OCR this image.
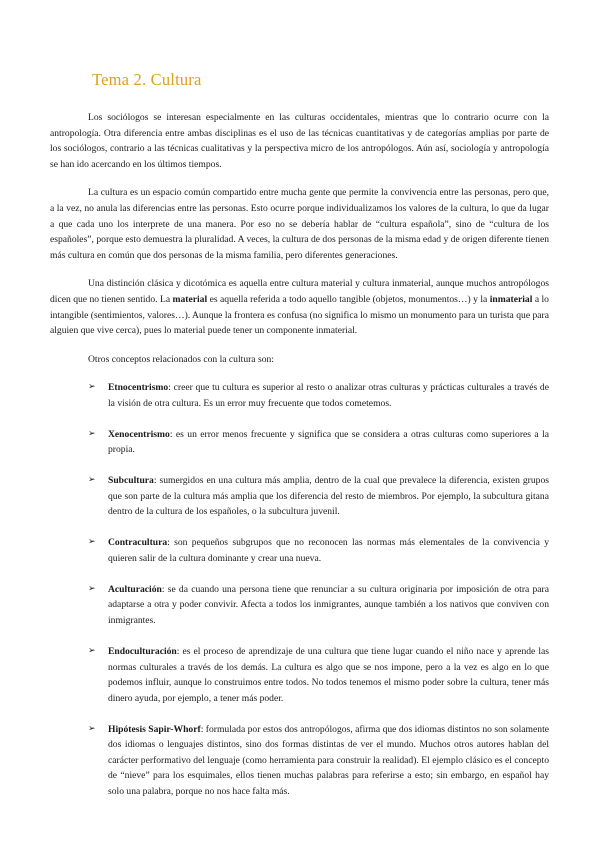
Tema 2. Cultura

Los sociólogos se interesan especialmente en las culturas occidentales, mientras que lo contrario ocurre con la antropología. Otra diferencia entre ambas disciplinas es el uso de las técnicas cuantitativas y de categorías amplias por parte de los sociólogos, contrario a las técnicas cualitativas y la perspectiva micro de los antropólogos. Aún así, sociología y antropología se han ido acercando en los últimos tiempos.

La cultura es un espacio común compartido entre mucha gente que permite la convivencia entre las personas, pero que, a la vez, no anula las diferencias entre las personas. Esto ocurre porque individualizamos los valores de la cultura, lo que da lugar a que cada uno los interprete de una manera. Por eso no se debería hablar de “cultura española”, sino de “cultura de los españoles”, porque esto demuestra la pluralidad. A veces, la cultura de dos personas de la misma edad y de origen diferente tienen más cultura en común que dos personas de la misma familia, pero diferentes generaciones.

Una distinción clásica y dicotómica es aquella entre cultura material y cultura inmaterial, aunque muchos antropólogos dicen que no tienen sentido. La material es aquella referida a todo aquello tangible (objetos, monumentos…) y la inmaterial a lo intangible (sentimientos, valores…). Aunque la frontera es confusa (no significa lo mismo un monumento para un turista que para alguien que vive cerca), pues lo material puede tener un componente inmaterial.

Otros conceptos relacionados con la cultura son:

➢ Etnocentrismo: creer que tu cultura es superior al resto o analizar otras culturas y prácticas culturales a través de la visión de otra cultura. Es un error muy frecuente que todos cometemos.
➢ Xenocentrismo: es un error menos frecuente y significa que se considera a otras culturas como superiores a la propia.
➢ Subcultura: sumergidos en una cultura más amplia, dentro de la cual que prevalece la diferencia, existen grupos que son parte de la cultura más amplia que los diferencia del resto de miembros. Por ejemplo, la subcultura gitana dentro de la cultura de los españoles, o la subcultura juvenil.
➢ Contracultura: son pequeños subgrupos que no reconocen las normas más elementales de la convivencia y quieren salir de la cultura dominante y crear una nueva.
➢ Aculturación: se da cuando una persona tiene que renunciar a su cultura originaria por imposición de otra para adaptarse a otra y poder convivir. Afecta a todos los inmigrantes, aunque también a los nativos que conviven con inmigrantes.
➢ Endoculturación: es el proceso de aprendizaje de una cultura que tiene lugar cuando el niño nace y aprende las normas culturales a través de los demás. La cultura es algo que se nos impone, pero a la vez es algo en lo que podemos influir, aunque lo construimos entre todos. No todos tenemos el mismo poder sobre la cultura, tener más dinero ayuda, por ejemplo, a tener más poder.
➢ Hipótesis Sapir-Whorf: formulada por estos dos antropólogos, afirma que dos idiomas distintos no son solamente dos idiomas o lenguajes distintos, sino dos formas distintas de ver el mundo. Muchos otros autores hablan del carácter performativo del lenguaje (como herramienta para construir la realidad). El ejemplo clásico es el concepto de “nieve” para los esquimales, ellos tienen muchas palabras para referirse a esto; sin embargo, en español hay solo una palabra, porque no nos hace falta más.
